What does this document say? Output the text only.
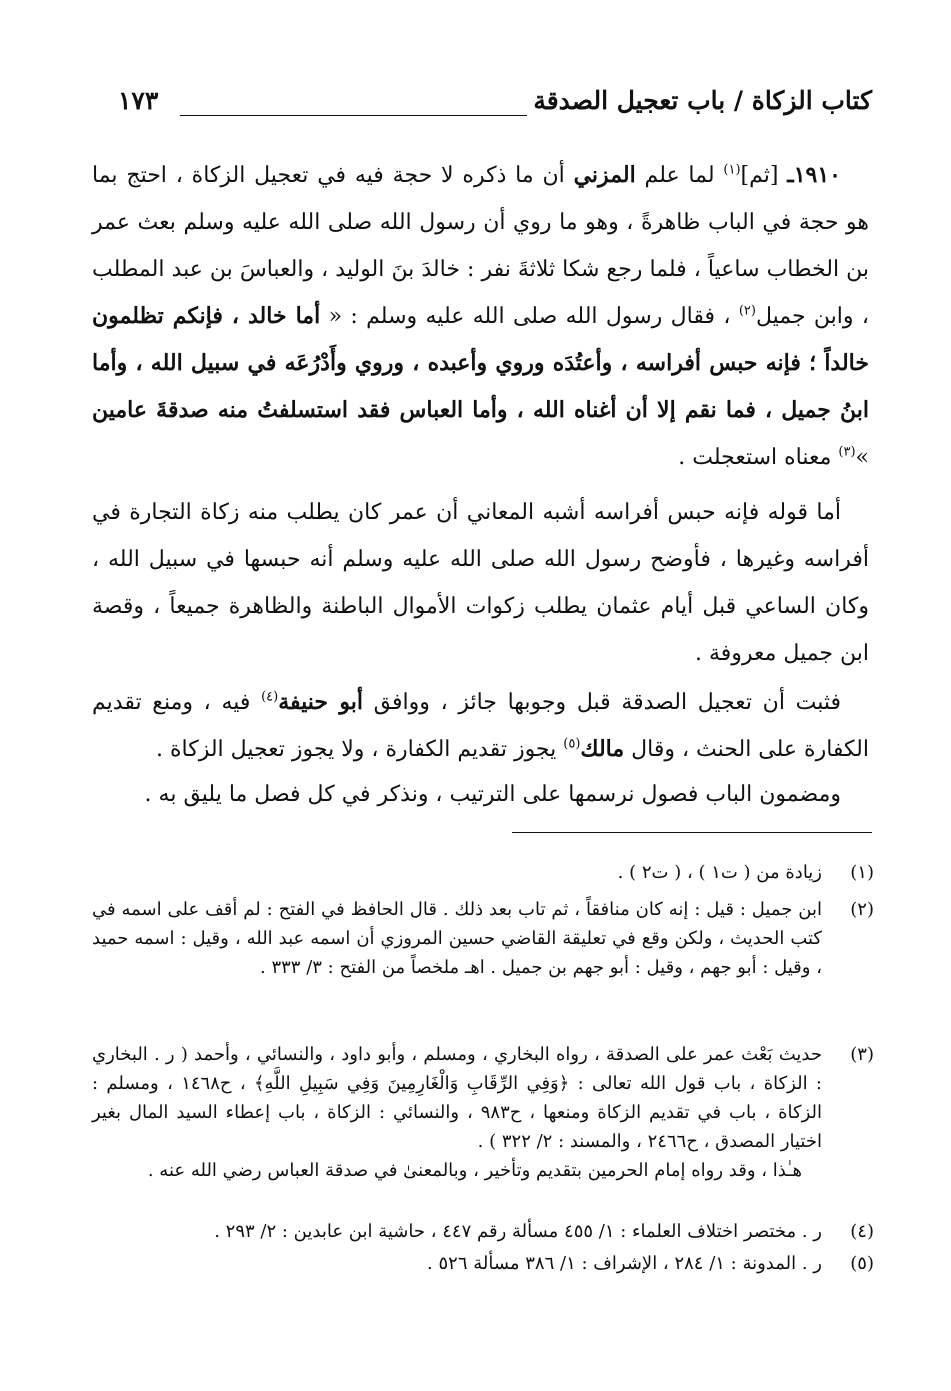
كتاب الزكاة / باب تعجيل الصدقة
١٧٣

١٩١٠ـ [ثم]$^{(١)}$ لما علم المزني أن ما ذكره لا حجة فيه في تعجيل الزكاة ، احتج بما هو حجة في الباب ظاهرةً ، وهو ما روي أن رسول الله صلى الله عليه وسلم بعث عمر بن الخطاب ساعياً ، فلما رجع شكا ثلاثةَ نفر : خالدَ بنَ الوليد ، والعباسَ بن عبد المطلب ، وابن جميل$^{(٢)}$ ، فقال رسول الله صلى الله عليه وسلم : « أما خالد ، فإنكم تظلمون خالداً ؛ فإنه حبس أفراسه ، وأعتُدَه وروي وأعبده ، وروي وأَدْرُعَه في سبيل الله ، وأما ابنُ جميل ، فما نقم إلا أن أغناه الله ، وأما العباس فقد استسلفتُ منه صدقةَ عامين »$^{(٣)}$ معناه استعجلت .

أما قوله فإنه حبس أفراسه أشبه المعاني أن عمر كان يطلب منه زكاة التجارة في أفراسه وغيرها ، فأوضح رسول الله صلى الله عليه وسلم أنه حبسها في سبيل الله ، وكان الساعي قبل أيام عثمان يطلب زكوات الأموال الباطنة والظاهرة جميعاً ، وقصة ابن جميل معروفة .

فثبت أن تعجيل الصدقة قبل وجوبها جائز ، ووافق أبو حنيفة$^{(٤)}$ فيه ، ومنع تقديم الكفارة على الحنث ، وقال مالك$^{(٥)}$ يجوز تقديم الكفارة ، ولا يجوز تعجيل الزكاة .

ومضمون الباب فصول نرسمها على الترتيب ، ونذكر في كل فصل ما يليق به .

(١)
زيادة من ( ت١ ) ، ( ت٢ ) .
(٢)
ابن جميل : قيل : إنه كان منافقاً ، ثم تاب بعد ذلك . قال الحافظ في الفتح : لم أقف على اسمه في كتب الحديث ، ولكن وقع في تعليقة القاضي حسين المروزي أن اسمه عبد الله ، وقيل : اسمه حميد ، وقيل : أبو جهم ، وقيل : أبو جهم بن جميل . اهـ ملخصاً من الفتح : ٣/ ٣٣٣ .
(٣)
حديث بَعْث عمر على الصدقة ، رواه البخاري ، ومسلم ، وأبو داود ، والنسائي ، وأحمد ( ر . البخاري : الزكاة ، باب قول الله تعالى : ﴿وَفِي الرِّقَابِ وَالْغَارِمِينَ وَفِي سَبِيلِ اللَّهِ﴾ ، ح١٤٦٨ ، ومسلم : الزكاة ، باب في تقديم الزكاة ومنعها ، ح٩٨٣ ، والنسائي : الزكاة ، باب إعطاء السيد المال بغير اختيار المصدق ، ح٢٤٦٦ ، والمسند : ٢/ ٣٢٢ ) .
هـٰذا ، وقد رواه إمام الحرمين بتقديم وتأخير ، وبالمعنىٰ في صدقة العباس رضي الله عنه .
(٤)
ر . مختصر اختلاف العلماء : ١/ ٤٥٥ مسألة رقم ٤٤٧ ، حاشية ابن عابدين : ٢/ ٢٩٣ .
(٥)
ر . المدونة : ١/ ٢٨٤ ، الإشراف : ١/ ٣٨٦ مسألة ٥٢٦ .
